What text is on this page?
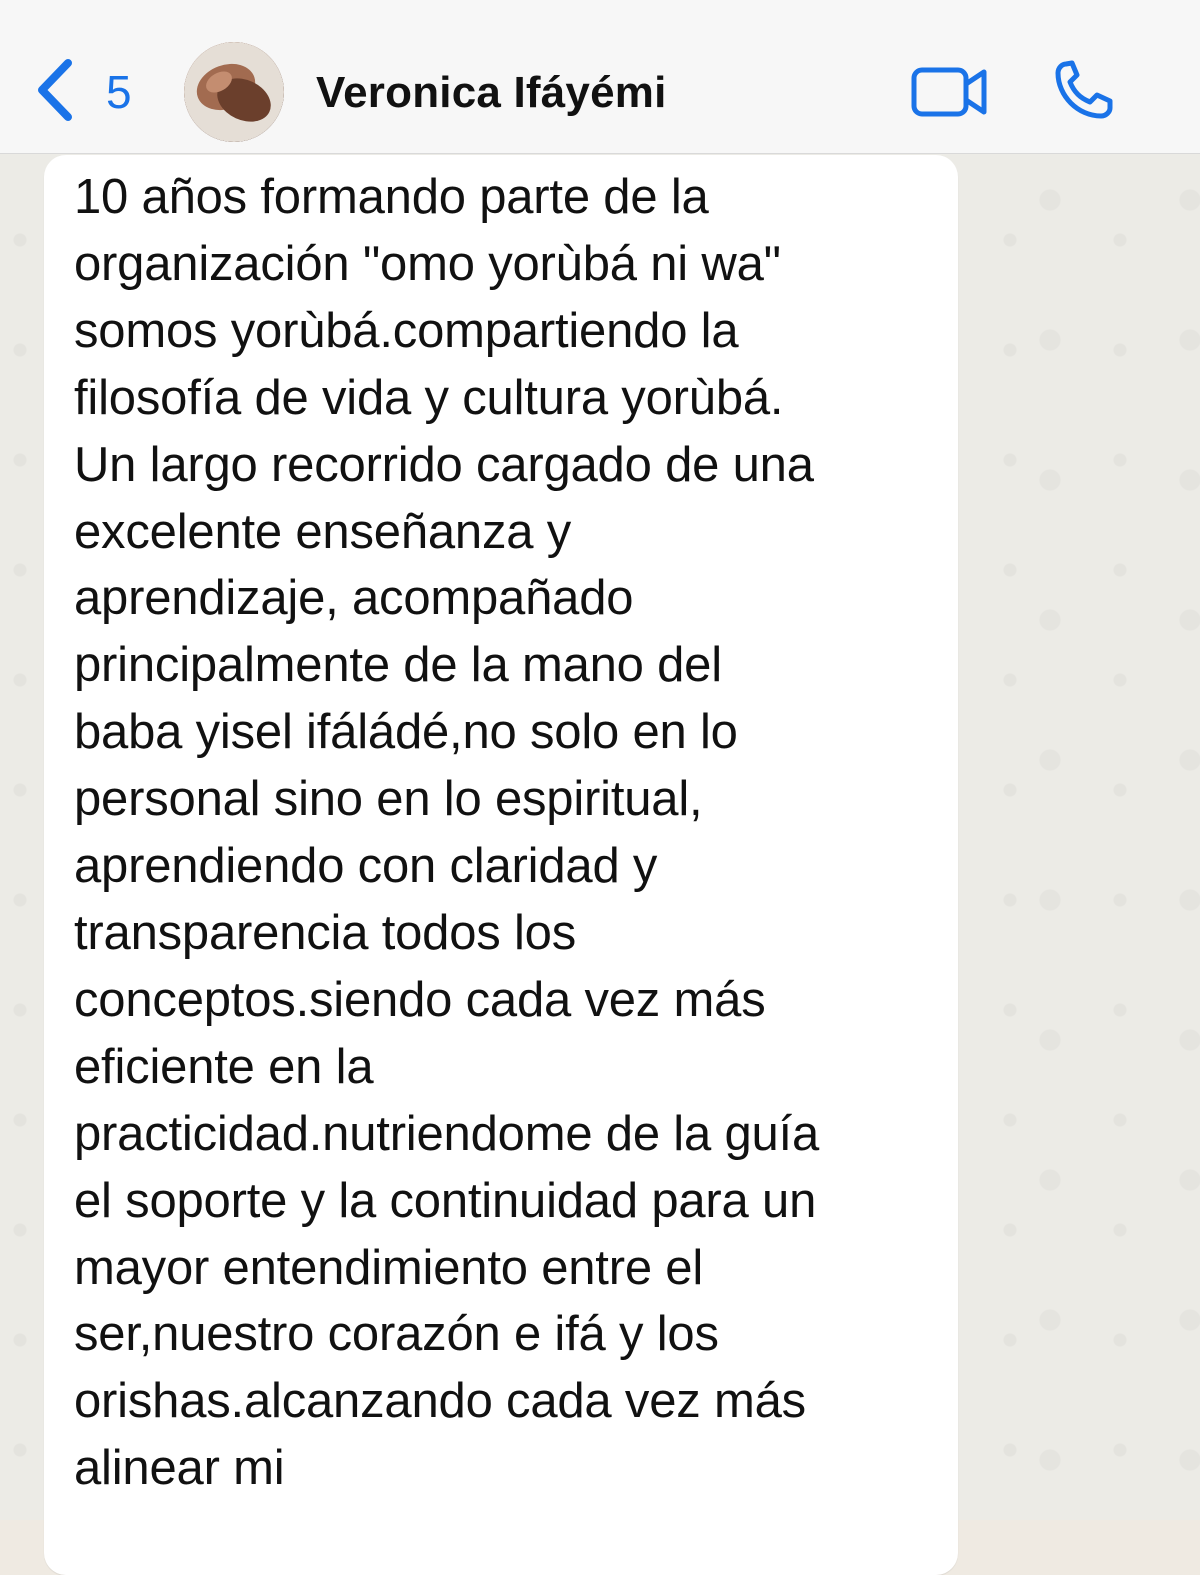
5	Veronica Ifáyémi
10 años formando parte de la
organización "omo yorùbá ni wa"
somos yorùbá.compartiendo la
filosofía de vida y cultura yorùbá.
Un largo recorrido cargado de una
excelente enseñanza y
aprendizaje, acompañado
principalmente de la mano del
baba yisel ifáládé,no solo en lo
personal sino en lo espiritual,
aprendiendo con claridad y
transparencia todos los
conceptos.siendo cada vez más
eficiente en la
practicidad.nutriendome de la guía
el soporte y la continuidad para un
mayor entendimiento entre el
ser,nuestro corazón e ifá y los
orishas.alcanzando cada vez más
alinear mi
